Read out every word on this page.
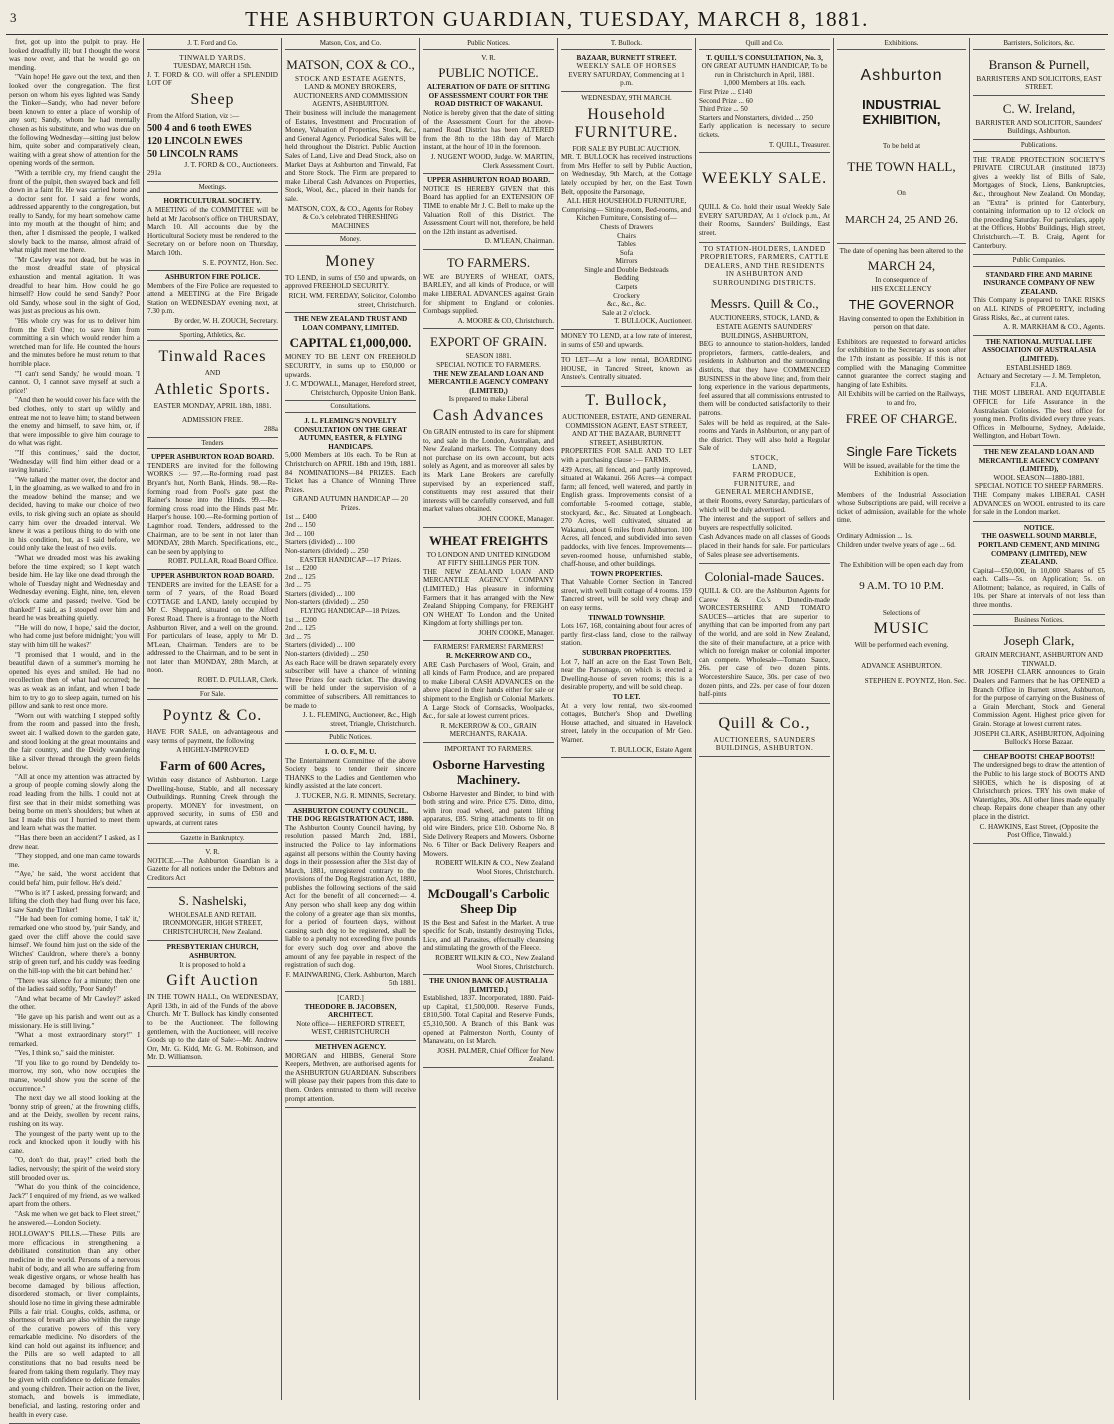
3	THE ASHBURTON GUARDIAN, TUESDAY, MARCH 8, 1881.

fret, got up into the pulpit to pray. He looked dreadfully ill; but I thought the worst was now over, and that he would go on mending.

"Vain hope! He gave out the text, and then looked over the congregation. The first person on whom his eyes lighted was Sandy the Tinker—Sandy, who had never before been known to enter a place of worship of any sort; Sandy, whom he had mentally chosen as his substitute, and who was due on the following Wednesday—sitting just below him, quite sober and comparatively clean, waiting with a great show of attention for the opening words of the sermon.

"With a terrible cry, my friend caught the front of the pulpit, then swayed back and fell down in a faint fit. He was carried home and a doctor sent for. I said a few words, addressed apparently to the congregation, but really to Sandy, for my heart somehow came into my mouth at the thought of him; and then, after I dismissed the people, I walked slowly back to the manse, almost afraid of what might meet me there.

"Mr Cawley was not dead, but he was in the most dreadful state of physical exhaustion and mental agitation. It was dreadful to hear him. How could he go himself? How could he send Sandy? Poor old Sandy, whose soul in the sight of God, was just as precious as his own.

"His whole cry was for us to deliver him from the Evil One; to save him from committing a sin which would render him a wretched man for life. He counted the hours and the minutes before he must return to that horrible place.

"'I can't send Sandy,' he would moan. 'I cannot. O, I cannot save myself at such a price!'

"And then he would cover his face with the bed clothes, only to start up wildly and entreat me not to leave him; to stand between the enemy and himself, to save him, or, if that were impossible to give him courage to do what was right.

"'If this continues,' said the doctor, 'Wednesday will find him either dead or a raving lunatic.'

"We talked the matter over, the doctor and I, in the gloaming, as we walked to and fro in the meadow behind the manse; and we decided, having to make our choice of two evils, to risk giving such an opiate as should carry him over the dreaded interval. We knew it was a perilous thing to do with one in his condition, but, as I said before, we could only take the least of two evils.

"What we dreaded most was his awaking before the time expired; so I kept watch beside him. He lay like one dead through the whole of Tuesday night and Wednesday and Wednesday evening. Eight, nine, ten, eleven o'clock came and passed; twelve. 'God be thanked!' I said, as I stooped over him and heard he was breathing quietly.

"'He will do now, I hope,' said the doctor, who had come just before midnight; 'you will stay with him till he wakes?'

"I promised that I would, and in the beautiful dawn of a summer's morning he opened his eyes and smiled. He had no recollection then of what had occurred; he was as weak as an infant, and when I bade him to try to go to sleep again, turned on his pillow and sank to rest once more.

"Worn out with watching I stepped softly from the room and passed into the fresh, sweet air. I walked down to the garden gate, and stood looking at the great mountains and the fair country, and the Deidy wandering like a silver thread through the green fields below.

"All at once my attention was attracted by a group of people coming slowly along the road leading from the hills. I could not at first see that in their midst something was being borne on men's shoulders; but when at last I made this out I hurried to meet them and learn what was the matter.

"'Has there been an accident?' I asked, as I drew near.

"They stopped, and one man came towards me.

"'Aye,' he said, 'the worst accident that could befa' him, puir fellow. He's deid.'

"'Who is it?' I asked, pressing forward; and lifting the cloth they had flung over his face, I saw Sandy the Tinker!

"'He had been for coming home, I tak' it,' remarked one who stood by, 'puir Sandy, and gaed over the cliff above the could save himsel'. We found him just on the side of the Witches' Cauldron, where there's a bonny strip of green turf, and his cuddy was feeding on the hill-top with the bit cart behind her.'

"There was silence for a minute; then one of the ladies said softly, 'Poor Sandy!'

"And what became of Mr Cawley?' asked the other.

"He gave up his parish and went out as a missionary. He is still living."

"What a most extraordinary story!" I remarked.

"Yes, I think so," said the minister.

"If you like to go round by Dendeldy to-morrow, my son, who now occupies the manse, would show you the scene of the occurrence."

The next day we all stood looking at the 'bonny strip of green,' at the frowning cliffs, and at the Deidy, swollen by recent rains, rushing on its way.

The youngest of the party went up to the rock and knocked upon it loudly with his cane.

"O, don't do that, pray!" cried both the ladies, nervously; the spirit of the weird story still brooded over us.

"What do you think of the coincidence, Jack?" I enquired of my friend, as we walked apart from the others.

"Ask me when we get back to Fleet street," he answered.—London Society.

HOLLOWAY'S PILLS.—These Pills are more efficacious in strengthening a debilitated constitution than any other medicine in the world. Persons of a nervous habit of body, and all who are suffering from weak digestive organs, or whose health has become damaged by bilious affection, disordered stomach, or liver complaints, should lose no time in giving these admirable Pills a fair trial. Coughs, colds, asthma, or shortness of breath are also within the range of the curative powers of this very remarkable medicine. No disorders of the kind can hold out against its influence; and the Pills are so well adapted to all constitutions that no bad results need be feared from taking them regularly. They may be given with confidence to delicate females and young children. Their action on the liver, stomach, and bowels is immediate, beneficial, and lasting, restoring order and health in every case.

J. T. Ford and Co.
TINWALD YARDS.
TUESDAY, MARCH 15th.

J. T. FORD & CO. will offer a SPLENDID LOT OF

Sheep

From the Alford Station, viz :—

500 4 and 6 tooth EWES
120 LINCOLN EWES
50 LINCOLN RAMS
J. T. FORD & CO., Auctioneers.
291a
Meetings.
HORTICULTURAL SOCIETY.

A MEETING of the COMMITTEE will be held at Mr Jacobson's office on THURSDAY, March 10. All accounts due by the Horticultural Society must be rendered to the Secretary on or before noon on Thursday, March 10th.

S. E. POYNTZ, Hon. Sec.
ASHBURTON FIRE POLICE.

Members of the Fire Police are requested to attend a MEETING at the Fire Brigade Station on WEDNESDAY evening next, at 7.30 p.m.

By order, W. H. ZOUCH, Secretary.
Sporting, Athletics, &c.
Tinwald Races
AND
Athletic Sports.
EASTER MONDAY, APRIL 18th, 1881.
ADMISSION FREE.
288a
Tenders
UPPER ASHBURTON ROAD BOARD.

TENDERS are invited for the following WORKS :— 97.—Re-forming road past Bryant's hut, North Bank, Hinds. 98.—Re-forming road from Pool's gate past the Rainer's house into the Hinds. 99.—Re-forming cross road into the Hinds past Mr. Harper's house. 100.—Re-forming portion of Lagmhor road. Tenders, addressed to the Chairman, are to be sent in not later than MONDAY, 28th March. Specifications, etc., can be seen by applying to

ROBT. PULLAR, Road Board Office.
UPPER ASHBURTON ROAD BOARD.

TENDERS are invited for the LEASE for a term of 7 years, of the Road Board COTTAGE and LAND, lately occupied by Mr C. Sheppard, situated on the Alford Forest Road. There is a frontage to the North Ashburton River, and a well on the ground. For particulars of lease, apply to Mr D. M'Lean, Chairman. Tenders are to be addressed to the Chairman, and to be sent in not later than MONDAY, 28th March, at noon.

ROBT. D. PULLAR, Clerk.
For Sale.
Poyntz & Co.

HAVE FOR SALE, on advantageous and easy terms of payment, the following

A HIGHLY-IMPROVED
Farm of 600 Acres,

Within easy distance of Ashburton. Large Dwelling-house, Stable, and all necessary Outbuildings. Running Creek through the property. MONEY for investment, on approved security, in sums of £50 and upwards, at current rates

Gazette in Bankruptcy.
V. R.

NOTICE.—The Ashburton Guardian is a Gazette for all notices under the Debtors and Creditors Act

S. Nashelski,

WHOLESALE AND RETAIL IRONMONGER, HIGH STREET, CHRISTCHURCH, New Zealand.

PRESBYTERIAN CHURCH, ASHBURTON.
It is proposed to hold a
Gift Auction

IN THE TOWN HALL, On WEDNESDAY, April 13th, in aid of the Funds of the above Church. Mr T. Bullock has kindly consented to be the Auctioneer. The following gentlemen, with the Auctioneer, will receive Goods up to the date of Sale:—Mr. Andrew Orr, Mr. G. Kidd, Mr. G. M. Robinson, and Mr. D. Williamson.

Matson, Cox, and Co.
MATSON, COX & CO.,
STOCK AND ESTATE AGENTS,
LAND & MONEY BROKERS, AUCTIONEERS AND COMMISSION AGENTS, ASHBURTON.

Their business will include the management of Estates, Investment and Procuration of Money, Valuation of Properties, Stock, &c., and General Agency. Periodical Sales will be held throughout the District. Public Auction Sales of Land, Live and Dead Stock, also on Market Days at Ashburton and Tinwald, Fat and Store Stock. The Firm are prepared to make Liberal Cash Advances on Properties, Stock, Wool, &c., placed in their hands for sale.

MATSON, COX, & CO., Agents for Robey & Co.'s celebrated THRESHING MACHINES
Money.
Money

TO LEND, in sums of £50 and upwards, on approved FREEHOLD SECURITY.

RICH. WM. FEREDAY, Solicitor, Colombo street, Christchurch.
THE NEW ZEALAND TRUST AND LOAN COMPANY, LIMITED.
CAPITAL £1,000,000.

MONEY TO BE LENT ON FREEHOLD SECURITY, in sums up to £50,000 or upwards.

J. C. M'DOWALL, Manager, Hereford street, Christchurch, Opposite Union Bank.
Consultations.
J. L. FLEMING'S NOVELTY CONSULTATION ON THE GREAT AUTUMN, EASTER, & FLYING HANDICAPS.

5,000 Members at 10s each. To be Run at Christchurch on APRIL 18th and 19th, 1881. 84 NOMINATIONS—84 PRIZES. Each Ticket has a Chance of Winning Three Prizes.

GRAND AUTUMN HANDICAP — 20 Prizes.
1st ... £400
2nd ... 150
3rd ... 100
Starters (divided) ... 100
Non-starters (divided) ... 250
EASTER HANDICAP—17 Prizes.
1st ... £200
2nd ... 125
3rd ... 75
Starters (divided) ... 100
Non-starters (divided) ... 250
FLYING HANDICAP—18 Prizes.
1st ... £200
2nd ... 125
3rd ... 75
Starters (divided) ... 100
Non-starters (divided) ... 250

As each Race will be drawn separately every subscriber will have a chance of winning Three Prizes for each ticket. The drawing will be held under the supervision of a committee of subscribers. All remittances to be made to

J. L. FLEMING, Auctioneer, &c., High street, Triangle, Christchurch.
Public Notices.
I. O. O. F., M. U.

The Entertainment Committee of the above Society begs to tender their sincere THANKS to the Ladies and Gentlemen who kindly assisted at the late concert.

J. TUCKER, N.G. R. MINNIS, Secretary.
ASHBURTON COUNTY COUNCIL. THE DOG REGISTRATION ACT, 1880.

The Ashburton County Council having, by resolution passed March 2nd, 1881, instructed the Police to lay informations against all persons within the County having dogs in their possession after the 31st day of March, 1881, unregistered contrary to the provisions of the Dog Registration Act, 1880, publishes the following sections of the said Act for the benefit of all concerned:— 4. Any person who shall keep any dog within the colony of a greater age than six months, for a period of fourteen days, without causing such dog to be registered, shall be liable to a penalty not exceeding five pounds for every such dog over and above the amount of any fee payable in respect of the registration of such dog.

F. MAINWARING, Clerk. Ashburton, March 5th 1881.
[CARD.]
THEODORE B. JACOBSEN, ARCHITECT.
Note office— HEREFORD STREET, WEST, CHRISTCHURCH
METHVEN AGENCY.

MORGAN and HIBBS, General Store Keepers, Methven, are authorised agents for the ASHBURTON GUARDIAN. Subscribers will please pay their papers from this date to them. Orders entrusted to them will receive prompt attention.

Public Notices.
V. R.
PUBLIC NOTICE.
ALTERATION OF DATE OF SITTING OF ASSESSMENT COURT FOR THE ROAD DISTRICT OF WAKANUI.

Notice is hereby given that the date of sitting of the Assessment Court for the above-named Road District has been ALTERED from the 8th to the 18th day of March instant, at the hour of 10 in the forenoon.

J. NUGENT WOOD, Judge. W. MARTIN, Clerk Assessment Court.
UPPER ASHBURTON ROAD BOARD.

NOTICE IS HEREBY GIVEN that this Board has applied for an EXTENSION OF TIME to enable Mr J. C. Bell to make up the Valuation Roll of this District. The Assessment Court will not, therefore, be held on the 12th instant as advertised.

D. M'LEAN, Chairman.
TO FARMERS.

WE are BUYERS of WHEAT, OATS, BARLEY, and all kinds of Produce, or will make LIBERAL ADVANCES against Grain for shipment to England or colonies. Cornbags supplied.

A. MOORE & CO, Christchurch.
EXPORT OF GRAIN.
SEASON 1881.
SPECIAL NOTICE TO FARMERS.
THE NEW ZEALAND LOAN AND MERCANTILE AGENCY COMPANY (LIMITED,)
Is prepared to make Liberal
Cash Advances

On GRAIN entrusted to its care for shipment to, and sale in the London, Australian, and New Zealand markets. The Company does not purchase on its own account, but acts solely as Agent, and as moreover all sales by its Mark Lane Brokers are carefully supervised by an experienced staff, constituents may rest assured that their interests will be carefully conserved, and full market values obtained.

JOHN COOKE, Manager.
WHEAT FREIGHTS
TO LONDON AND UNITED KINGDOM AT FIFTY SHILLINGS PER TON.

THE NEW ZEALAND LOAN AND MERCANTILE AGENCY COMPANY (LIMITED,) Has pleasure in informing Farmers that it has arranged with the New Zealand Shipping Company, for FREIGHT ON WHEAT To London and the United Kingdom at forty shillings per ton.

JOHN COOKE, Manager.
FARMERS! FARMERS! FARMERS!
R. McKERROW AND CO.,

ARE Cash Purchasers of Wool, Grain, and all kinds of Farm Produce, and are prepared to make Liberal CASH ADVANCES on the above placed in their hands either for sale or shipment to the English or Colonial Markets. A Large Stock of Cornsacks, Woolpacks, &c., for sale at lowest current prices.

R. McKERROW & CO., GRAIN MERCHANTS, RAKAIA.
IMPORTANT TO FARMERS.
Osborne Harvesting Machinery.

Osborne Harvester and Binder, to bind with both string and wire. Price £75. Ditto, ditto, with iron road wheel, and patent lifting apparatus, £85. String attachments to fit on old wire Binders, price £10. Osborne No. 8 Side Delivery Reapers and Mowers. Osborne No. 6 Tilter or Back Delivery Reapers and Mowers.

ROBERT WILKIN & CO., New Zealand Wool Stores, Christchurch.
McDougall's Carbolic Sheep Dip

IS the Best and Safest in the Market. A true specific for Scab, instantly destroying Ticks, Lice, and all Parasites, effectually cleansing and stimulating the growth of the Fleece.

ROBERT WILKIN & CO., New Zealand Wool Stores, Christchurch.
THE UNION BANK OF AUSTRALIA [LIMITED.]

Established, 1837. Incorporated, 1880. Paid-up Capital, £1,500,000. Reserve Funds, £810,500. Total Capital and Reserve Funds, £5,310,500. A Branch of this Bank was opened at Palmerston North, County of Manawatu, on 1st March.

JOSH. PALMER, Chief Officer for New Zealand.
T. Bullock.
BAZAAR, BURNETT STREET.
WEEKLY SALE OF HORSES
EVERY SATURDAY, Commencing at 1 p.m.
WEDNESDAY, 9TH MARCH.
Household FURNITURE.
FOR SALE BY PUBLIC AUCTION.

MR. T. BULLOCK has received instructions from Mrs Heffer to sell by Public Auction, on Wednesday, 9th March, at the Cottage lately occupied by her, on the East Town Belt, opposite the Parsonage,

ALL HER HOUSEHOLD FURNITURE, Comprising— Sitting-room, Bed-rooms, and Kitchen Furniture, Consisting of—
Chests of Drawers
Chairs
Tables
Sofa
Mirrors
Single and Double Bedsteads
Bedding
Carpets
Crockery
&c., &c., &c.
Sale at 2 o'clock.
T. BULLOCK, Auctioneer.

MONEY TO LEND, at a low rate of interest, in sums of £50 and upwards.

TO LET—At a low rental, BOARDING HOUSE, in Tancred Street, known as Anstee's. Centrally situated.

T. Bullock,
AUCTIONEER, ESTATE, AND GENERAL COMMISSION AGENT, EAST STREET, AND AT THE BAZAAR, BURNETT STREET, ASHBURTON.

PROPERTIES FOR SALE AND TO LET with a purchasing clause :— FARMS.

439 Acres, all fenced, and partly improved, situated at Wakanui. 266 Acres—a compact farm; all fenced, well watered, and partly in English grass. Improvements consist of a comfortable 5-roomed cottage, stable, stockyard, &c., &c. Situated at Longbeach. 270 Acres, well cultivated, situated at Wakanui, about 6 miles from Ashburton. 100 Acres, all fenced, and subdivided into seven paddocks, with live fences. Improvements—seven-roomed house, unfurnished stable, chaff-house, and other buildings.

TOWN PROPERTIES.

That Valuable Corner Section in Tancred street, with well built cottage of 4 rooms. 159 Tancred street, will be sold very cheap and on easy terms.

TINWALD TOWNSHIP.

Lots 167, 168, containing about four acres of partly first-class land, close to the railway station.

SUBURBAN PROPERTIES.

Lot 7, half an acre on the East Town Belt, near the Parsonage, on which is erected a Dwelling-house of seven rooms; this is a desirable property, and will be sold cheap.

TO LET.

At a very low rental, two six-roomed cottages, Butcher's Shop and Dwelling House attached, and situated in Havelock street, lately in the occupation of Mr Geo. Warner.

T. BULLOCK, Estate Agent
Quill and Co.
T. QUILL'S CONSULTATION, No. 3,
ON GREAT AUTUMN HANDICAP, To be run in Christchurch in April, 1881.
1,000 Members at 10s. each.
First Prize ... £140
Second Prize ... 60
Third Prize ... 50
Starters and Nonstarters, divided ... 250

Early application is necessary to secure tickets.

T. QUILL, Treasurer.
WEEKLY SALE.

QUILL & Co. hold their usual Weekly Sale EVERY SATURDAY, At 1 o'clock p.m., At their Rooms, Saunders' Buildings, East street.

TO STATION-HOLDERS, LANDED PROPRIETORS, FARMERS, CATTLE DEALERS, AND THE RESIDENTS IN ASHBURTON AND SURROUNDING DISTRICTS.
Messrs. Quill & Co.,
AUCTIONEERS, STOCK, LAND, & ESTATE AGENTS SAUNDERS' BUILDINGS, ASHBURTON,

BEG to announce to station-holders, landed proprietors, farmers, cattle-dealers, and residents in Ashburton and the surrounding districts, that they have COMMENCED BUSINESS in the above line; and, from their long experience in the various departments, feel assured that all commissions entrusted to them will be conducted satisfactorily to their patrons.

Sales will be held as required, at the Sale-rooms and Yards in Ashburton, or any part of the district. They will also hold a Regular Sale of

STOCK,
LAND,
FARM PRODUCE,
FURNITURE, and
GENERAL MERCHANDISE,

at their Rooms, every Saturday, particulars of which will be duly advertised.

The interest and the support of sellers and buyers are respectfully solicited.

Cash Advances made on all classes of Goods placed in their hands for sale. For particulars of Sales please see advertisements.

Colonial-made Sauces.

QUILL & CO. are the Ashburton Agents for Carew & Co.'s Dunedin-made WORCESTERSHIRE AND TOMATO SAUCES—articles that are superior to anything that can be imported from any part of the world, and are sold in New Zealand, the site of their manufacture, at a price with which no foreign maker or colonial importer can compete. Wholesale—Tomato Sauce, 26s. per case of two dozen pints. Worcestershire Sauce, 30s. per case of two dozen pints, and 22s. per case of four dozen half-pints

Quill & Co.,
AUCTIONEERS, SAUNDERS BUILDINGS, ASHBURTON.
Exhibitions.
Ashburton
INDUSTRIAL EXHIBITION,
To be held at
THE TOWN HALL,
On
MARCH 24, 25 AND 26.
The date of opening has been altered to the
MARCH 24,
In consequence of
HIS EXCELLENCY
THE GOVERNOR
Having consented to open the Exhibition in person on that date.

Exhibitors are requested to forward articles for exhibition to the Secretary as soon after the 17th instant as possible. If this is not complied with the Managing Committee cannot guarantee the correct staging and hanging of late Exhibits.

All Exhibits will be carried on the Railways, to and fro,
FREE OF CHARGE.
Single Fare Tickets
Will be issued, available for the time the Exhibition is open.

Members of the Industrial Association whose Subscriptions are paid, will receive a ticket of admission, available for the whole time.

Ordinary Admission ... 1s.
Children under twelve years of age ... 6d.
The Exhibition will be open each day from
9 A.M. TO 10 P.M.
Selections of
MUSIC
Will be performed each evening.
ADVANCE ASHBURTON.
STEPHEN E. POYNTZ, Hon. Sec.
Barristers, Solicitors, &c.
Branson & Purnell,
BARRISTERS AND SOLICITORS, EAST STREET.
C. W. Ireland,
BARRISTER AND SOLICITOR, Saunders' Buildings, Ashburton.
Publications.

THE TRADE PROTECTION SOCIETY'S PRIVATE CIRCULAR (instituted 1873) gives a weekly list of Bills of Sale, Mortgages of Stock, Liens, Bankruptcies, &c., throughout New Zealand. On Monday, an "Extra" is printed for Canterbury, containing information up to 12 o'clock on the preceding Saturday. For particulars, apply at the Offices, Hobbs' Buildings, High street, Christchurch.—T. B. Craig, Agent for Canterbury.

Public Companies.
STANDARD FIRE AND MARINE INSURANCE COMPANY OF NEW ZEALAND.

This Company is prepared to TAKE RISKS on ALL KINDS of PROPERTY, including Grass Risks, &c., at current rates.

A. R. MARKHAM & CO., Agents.
THE NATIONAL MUTUAL LIFE ASSOCIATION OF AUSTRALASIA (LIMITED).
ESTABLISHED 1869.
Actuary and Secretary — J. M. Templeton, F.I.A.

THE MOST LIBERAL AND EQUITABLE OFFICE for Life Assurance in the Australasian Colonies. The best office for young men. Profits divided every three years. Offices in Melbourne, Sydney, Adelaide, Wellington, and Hobart Town.

THE NEW ZEALAND LOAN AND MERCANTILE AGENCY COMPANY (LIMITED),
WOOL SEASON—1880-1881.
SPECIAL NOTICE TO SHEEP FARMERS.

THE Company makes LIBERAL CASH ADVANCES on WOOL entrusted to its care for sale in the London market.

NOTICE.
THE OASWELL SOUND MARBLE, PORTLAND CEMENT, AND MINING COMPANY (LIMITED), NEW ZEALAND.

Capital—£50,000, in 10,000 Shares of £5 each. Calls—5s. on Application; 5s. on Allotment; balance, as required, in Calls of 10s. per Share at intervals of not less than three months.

Business Notices.
Joseph Clark,
GRAIN MERCHANT, ASHBURTON AND TINWALD.

MR JOSEPH CLARK announces to Grain Dealers and Farmers that he has OPENED a Branch Office in Burnett street, Ashburton, for the purpose of carrying on the Business of a Grain Merchant, Stock and General Commission Agent. Highest price given for Grain. Storage at lowest current rates.

JOSEPH CLARK, ASHBURTON, Adjoining Bullock's Horse Bazaar.
CHEAP BOOTS! CHEAP BOOTS!!

The undersigned begs to draw the attention of the Public to his large stock of BOOTS AND SHOES, which he is disposing of at Christchurch prices. TRY his own make of Watertights, 30s. All other lines made equally cheap. Repairs done cheaper than any other place in the district.

C. HAWKINS, East Street, (Opposite the Post Office, Tinwald.)
